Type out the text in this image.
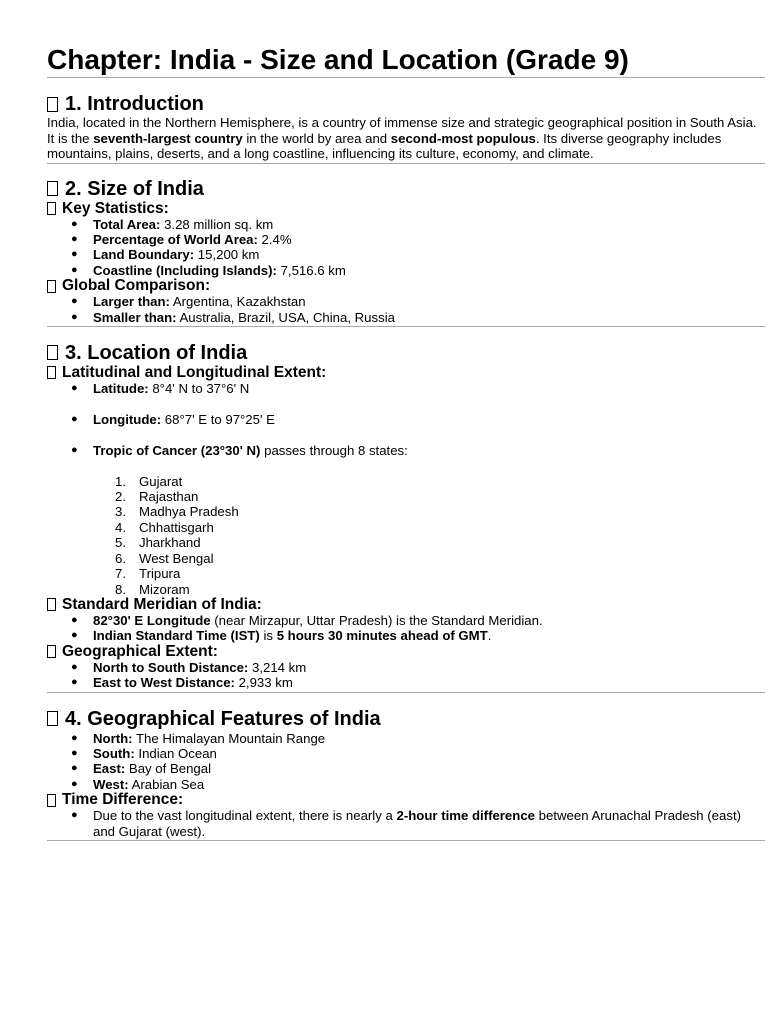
Chapter: India - Size and Location (Grade 9)
1. Introduction

India, located in the Northern Hemisphere, is a country of immense size and strategic geographical position in South Asia. It is the seventh-largest country in the world by area and second-most populous. Its diverse geography includes mountains, plains, deserts, and a long coastline, influencing its culture, economy, and climate.

2. Size of India
Key Statistics:
● Total Area: 3.28 million sq. km
● Percentage of World Area: 2.4%
● Land Boundary: 15,200 km
● Coastline (Including Islands): 7,516.6 km
Global Comparison:
● Larger than: Argentina, Kazakhstan
● Smaller than: Australia, Brazil, USA, China, Russia
3. Location of India
Latitudinal and Longitudinal Extent:
● Latitude: 8°4' N to 37°6' N
● Longitude: 68°7' E to 97°25' E
● Tropic of Cancer (23°30' N) passes through 8 states:
1. Gujarat
2. Rajasthan
3. Madhya Pradesh
4. Chhattisgarh
5. Jharkhand
6. West Bengal
7. Tripura
8. Mizoram
Standard Meridian of India:
● 82°30' E Longitude (near Mirzapur, Uttar Pradesh) is the Standard Meridian.
● Indian Standard Time (IST) is 5 hours 30 minutes ahead of GMT.
Geographical Extent:
● North to South Distance: 3,214 km
● East to West Distance: 2,933 km
4. Geographical Features of India
● North: The Himalayan Mountain Range
● South: Indian Ocean
● East: Bay of Bengal
● West: Arabian Sea
Time Difference:
● Due to the vast longitudinal extent, there is nearly a 2-hour time difference between Arunachal Pradesh (east) and Gujarat (west).
